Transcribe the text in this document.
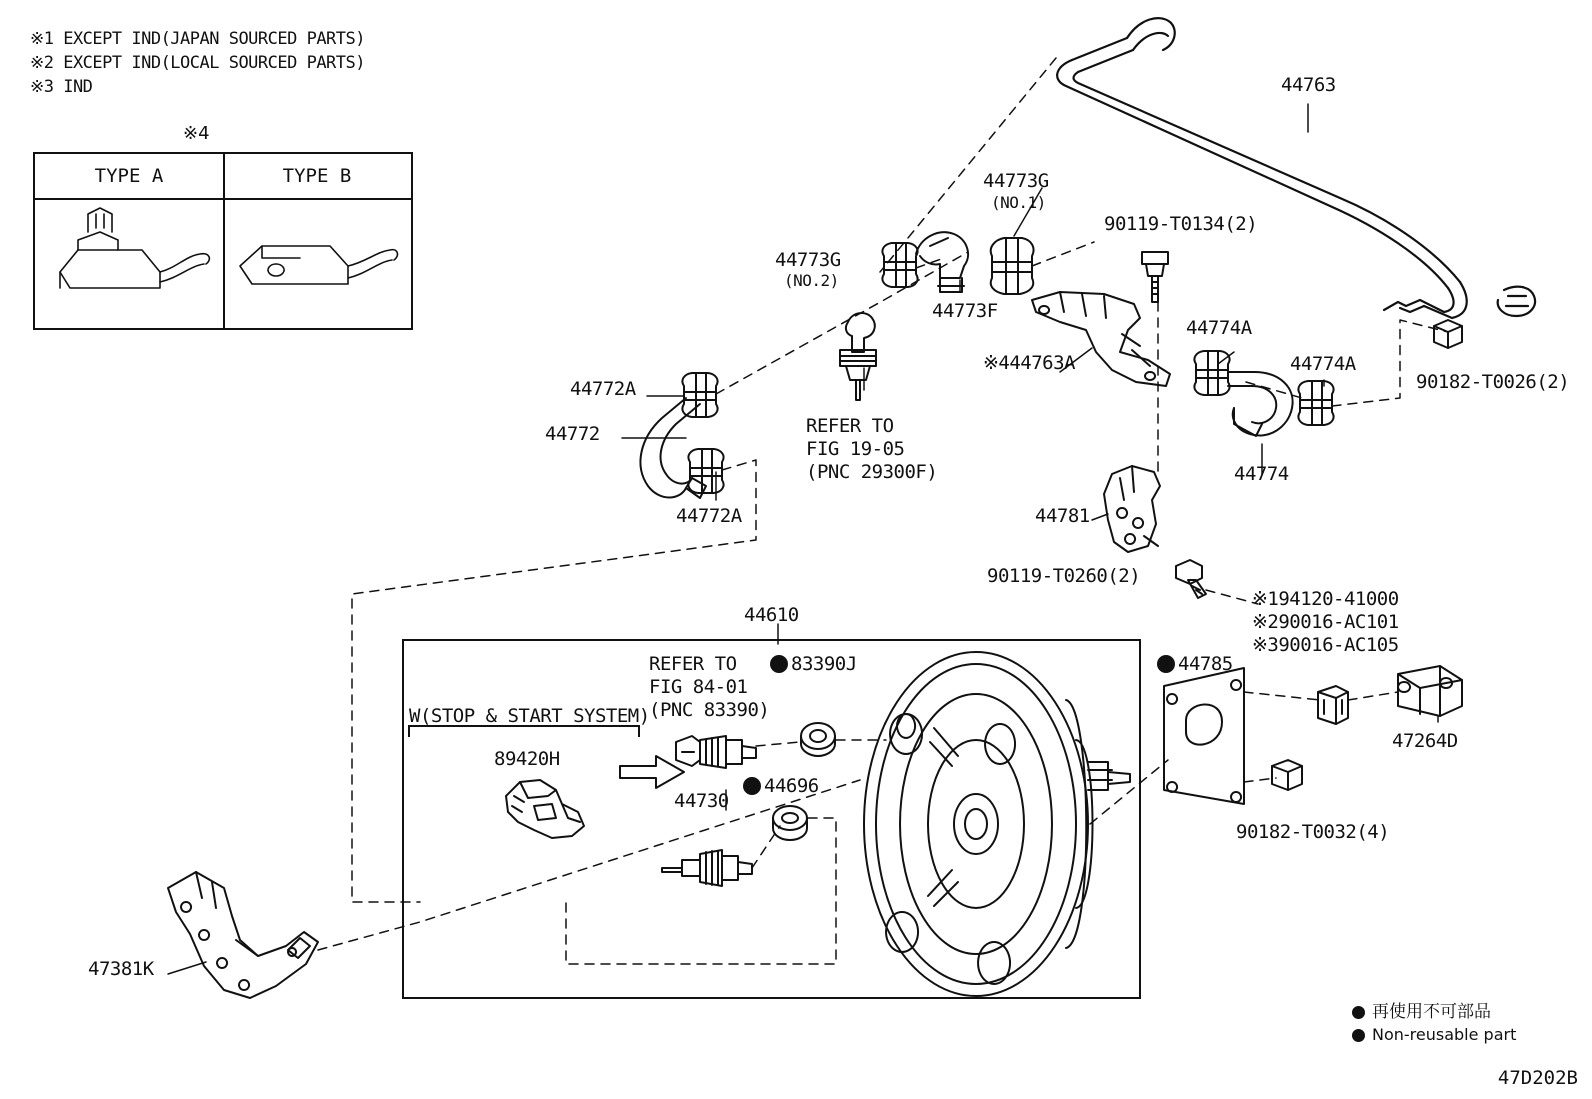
※1 EXCEPT IND(JAPAN SOURCED PARTS)
※2 EXCEPT IND(LOCAL SOURCED PARTS)
※3 IND
※4
TYPE A	TYPE B
44763
44773G
(NO.1)
90119-T0134(2)
44773G
(NO.2)
44773F
44774A
44774A
※444763A
90182-T0026(2)
44772A
44772
44772A
44774
44781
90119-T0260(2)
※194120-41000
※290016-AC101
※390016-AC105
44610
83390J	44785
47264D
89420H
44696
44730
90182-T0032(4)
47381K
REFER TO
FIG 19-05
(PNC 29300F)
REFER TO
FIG 84-01
(PNC 83390)
W(STOP & START SYSTEM)
再使用不可部品
Non-reusable part
47D202B
